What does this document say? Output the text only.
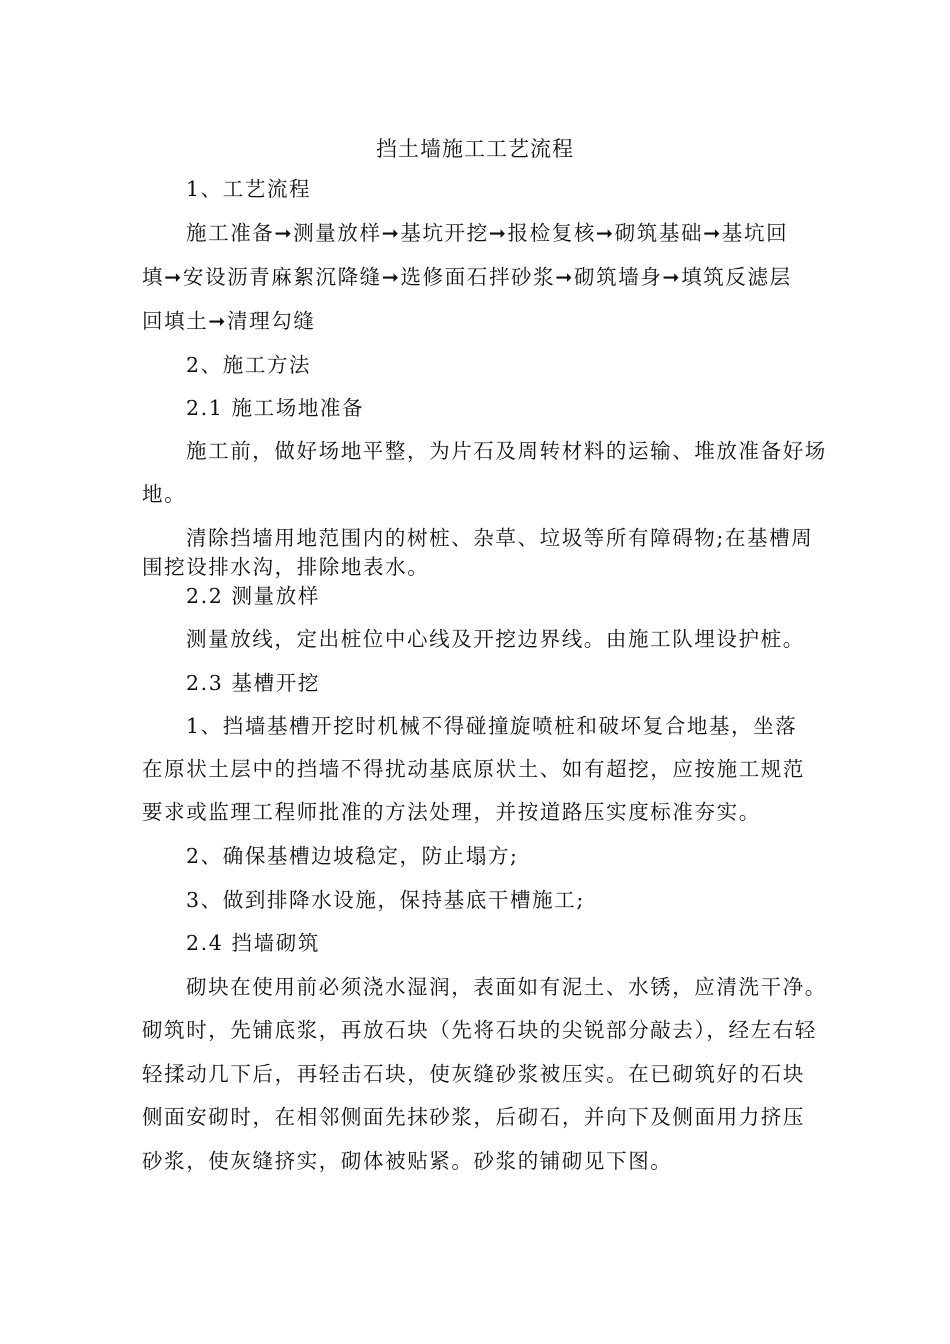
挡土墙施工工艺流程
1、工艺流程
施工准备➞测量放样➞基坑开挖➞报检复核➞砌筑基础➞基坑回
填➞安设沥青麻絮沉降缝➞选修面石拌砂浆➞砌筑墙身➞填筑反滤层
回填土➞清理勾缝
2、施工方法
2.1 施工场地准备
施工前，做好场地平整，为片石及周转材料的运输、堆放准备好场
地。
清除挡墙用地范围内的树桩、杂草、垃圾等所有障碍物;在基槽周
围挖设排水沟，排除地表水。
2.2 测量放样
测量放线，定出桩位中心线及开挖边界线。由施工队埋设护桩。
2.3 基槽开挖
1、挡墙基槽开挖时机械不得碰撞旋喷桩和破坏复合地基，坐落
在原状土层中的挡墙不得扰动基底原状土、如有超挖，应按施工规范
要求或监理工程师批准的方法处理，并按道路压实度标准夯实。
2、确保基槽边坡稳定，防止塌方;
3、做到排降水设施，保持基底干槽施工;
2.4 挡墙砌筑
砌块在使用前必须浇水湿润，表面如有泥土、水锈，应清洗干净。
砌筑时，先铺底浆，再放石块（先将石块的尖锐部分敲去），经左右轻
轻揉动几下后，再轻击石块，使灰缝砂浆被压实。在已砌筑好的石块
侧面安砌时，在相邻侧面先抹砂浆，后砌石，并向下及侧面用力挤压
砂浆，使灰缝挤实，砌体被贴紧。砂浆的铺砌见下图。
